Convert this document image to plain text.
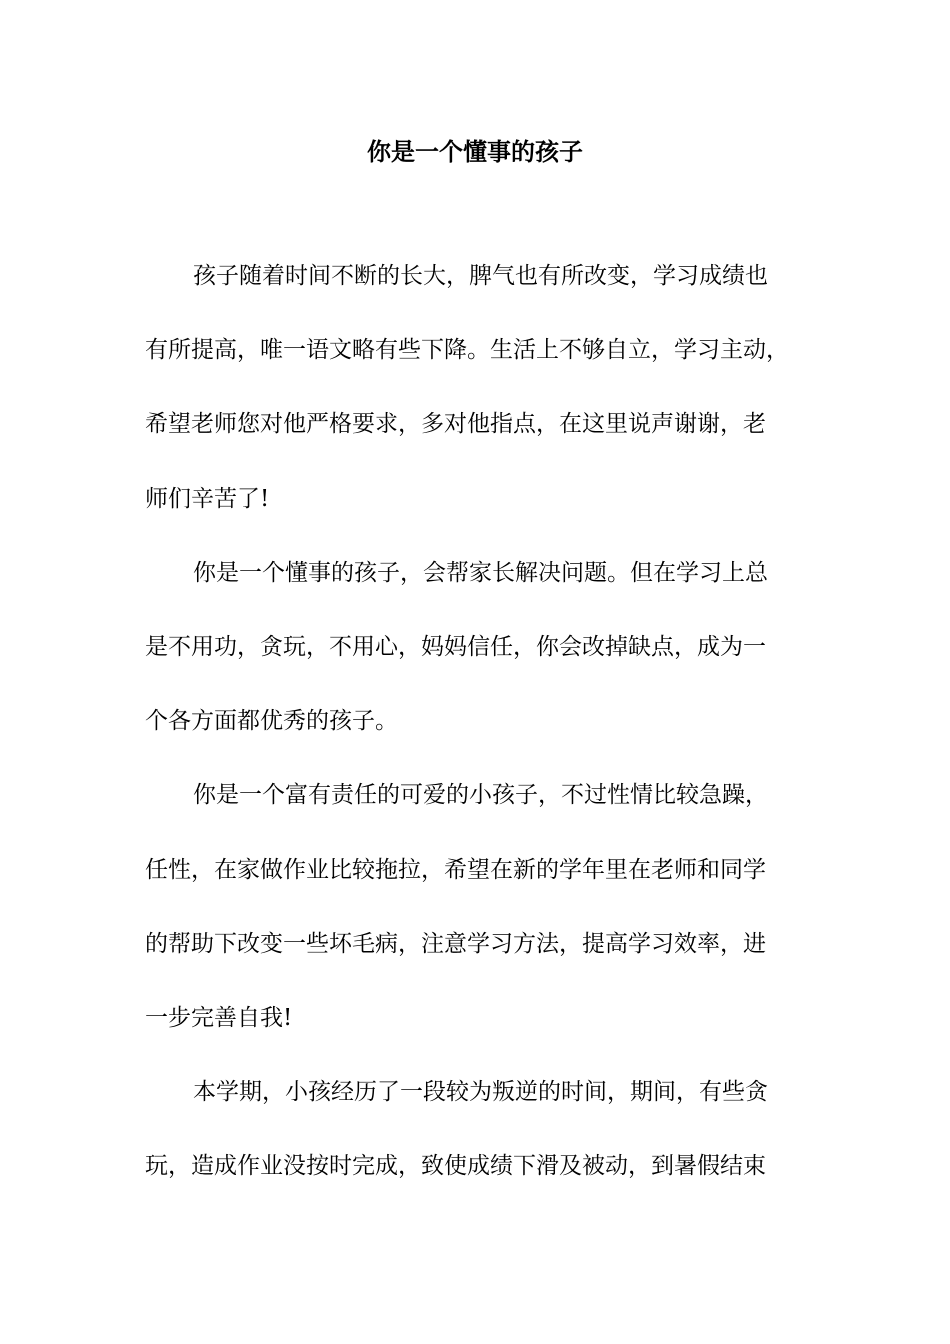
你是一个懂事的孩子
孩子随着时间不断的长大，脾气也有所改变，学习成绩也
有所提高，唯一语文略有些下降。生活上不够自立，学习主动，
希望老师您对他严格要求，多对他指点，在这里说声谢谢，老
师们辛苦了!
你是一个懂事的孩子，会帮家长解决问题。但在学习上总
是不用功，贪玩，不用心，妈妈信任，你会改掉缺点，成为一
个各方面都优秀的孩子。
你是一个富有责任的可爱的小孩子，不过性情比较急躁，
任性，在家做作业比较拖拉，希望在新的学年里在老师和同学
的帮助下改变一些坏毛病，注意学习方法，提高学习效率，进
一步完善自我!
本学期，小孩经历了一段较为叛逆的时间，期间，有些贪
玩，造成作业没按时完成，致使成绩下滑及被动，到暑假结束
